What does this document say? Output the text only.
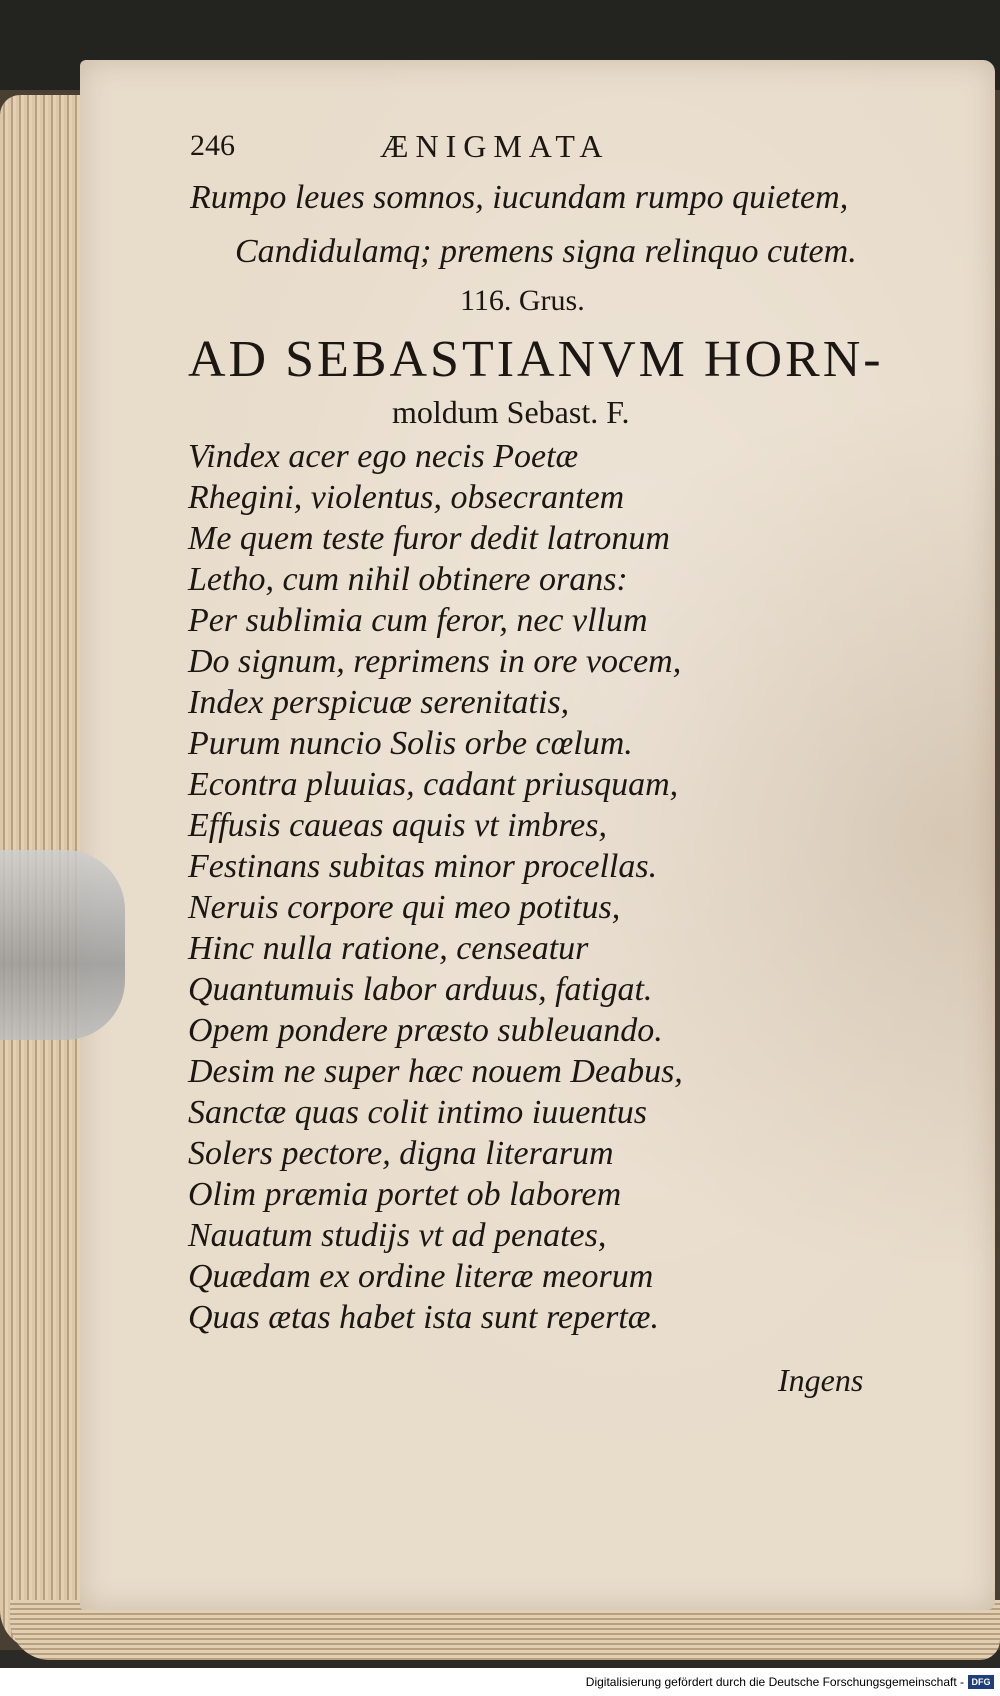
246	ÆNIGMATA
Rumpo leues somnos, iucundam rumpo quietem,
Candidulamq; premens signa relinquo cutem.
116. Grus.
AD SEBASTIANVM HORN-
moldum Sebast. F.
Vindex acer ego necis Poetæ
Rhegini, violentus, obsecrantem
Me quem teste furor dedit latronum
Letho, cum nihil obtinere orans:
Per sublimia cum feror, nec vllum
Do signum, reprimens in ore vocem,
Index perspicuæ serenitatis,
Purum nuncio Solis orbe cœlum.
Econtra pluuias, cadant priusquam,
Effusis caueas aquis vt imbres,
Festinans subitas minor procellas.
Neruis corpore qui meo potitus,
Hinc nulla ratione, censeatur
Quantumuis labor arduus, fatigat.
Opem pondere præsto subleuando.
Desim ne super hæc nouem Deabus,
Sanctæ quas colit intimo iuuentus
Solers pectore, digna literarum
Olim præmia portet ob laborem
Nauatum studijs vt ad penates,
Quædam ex ordine literæ meorum
Quas ætas habet ista sunt repertæ.
Ingens
Digitalisierung gefördert durch die Deutsche Forschungsgemeinschaft - DFG
